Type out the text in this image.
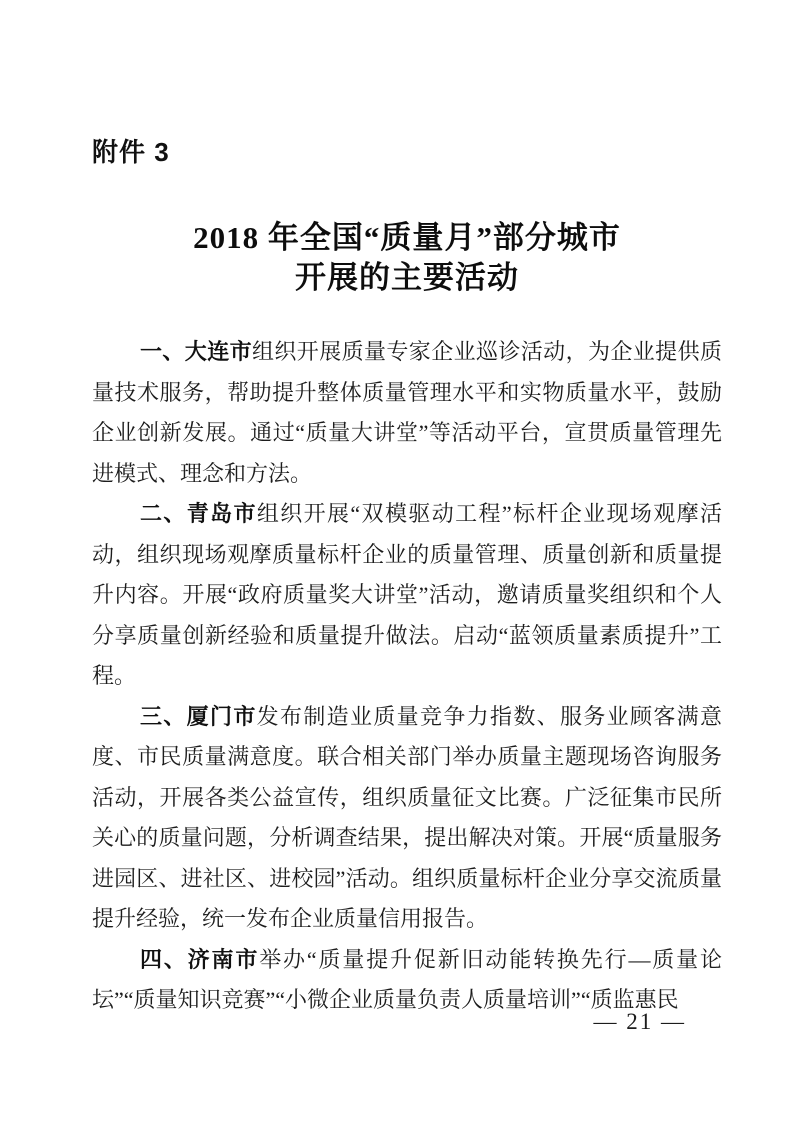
附件 3
2018 年全国“质量月”部分城市
开展的主要活动

一、大连市组织开展质量专家企业巡诊活动，为企业提供质量技术服务，帮助提升整体质量管理水平和实物质量水平，鼓励企业创新发展。通过“质量大讲堂”等活动平台，宣贯质量管理先进模式、理念和方法。

二、青岛市组织开展“双模驱动工程”标杆企业现场观摩活动，组织现场观摩质量标杆企业的质量管理、质量创新和质量提升内容。开展“政府质量奖大讲堂”活动，邀请质量奖组织和个人分享质量创新经验和质量提升做法。启动“蓝领质量素质提升”工程。

三、厦门市发布制造业质量竞争力指数、服务业顾客满意度、市民质量满意度。联合相关部门举办质量主题现场咨询服务活动，开展各类公益宣传，组织质量征文比赛。广泛征集市民所关心的质量问题，分析调查结果，提出解决对策。开展“质量服务进园区、进社区、进校园”活动。组织质量标杆企业分享交流质量提升经验，统一发布企业质量信用报告。

四、济南市举办“质量提升促新旧动能转换先行—质量论坛”“质量知识竞赛”“小微企业质量负责人质量培训”“质监惠民

— 21 —
